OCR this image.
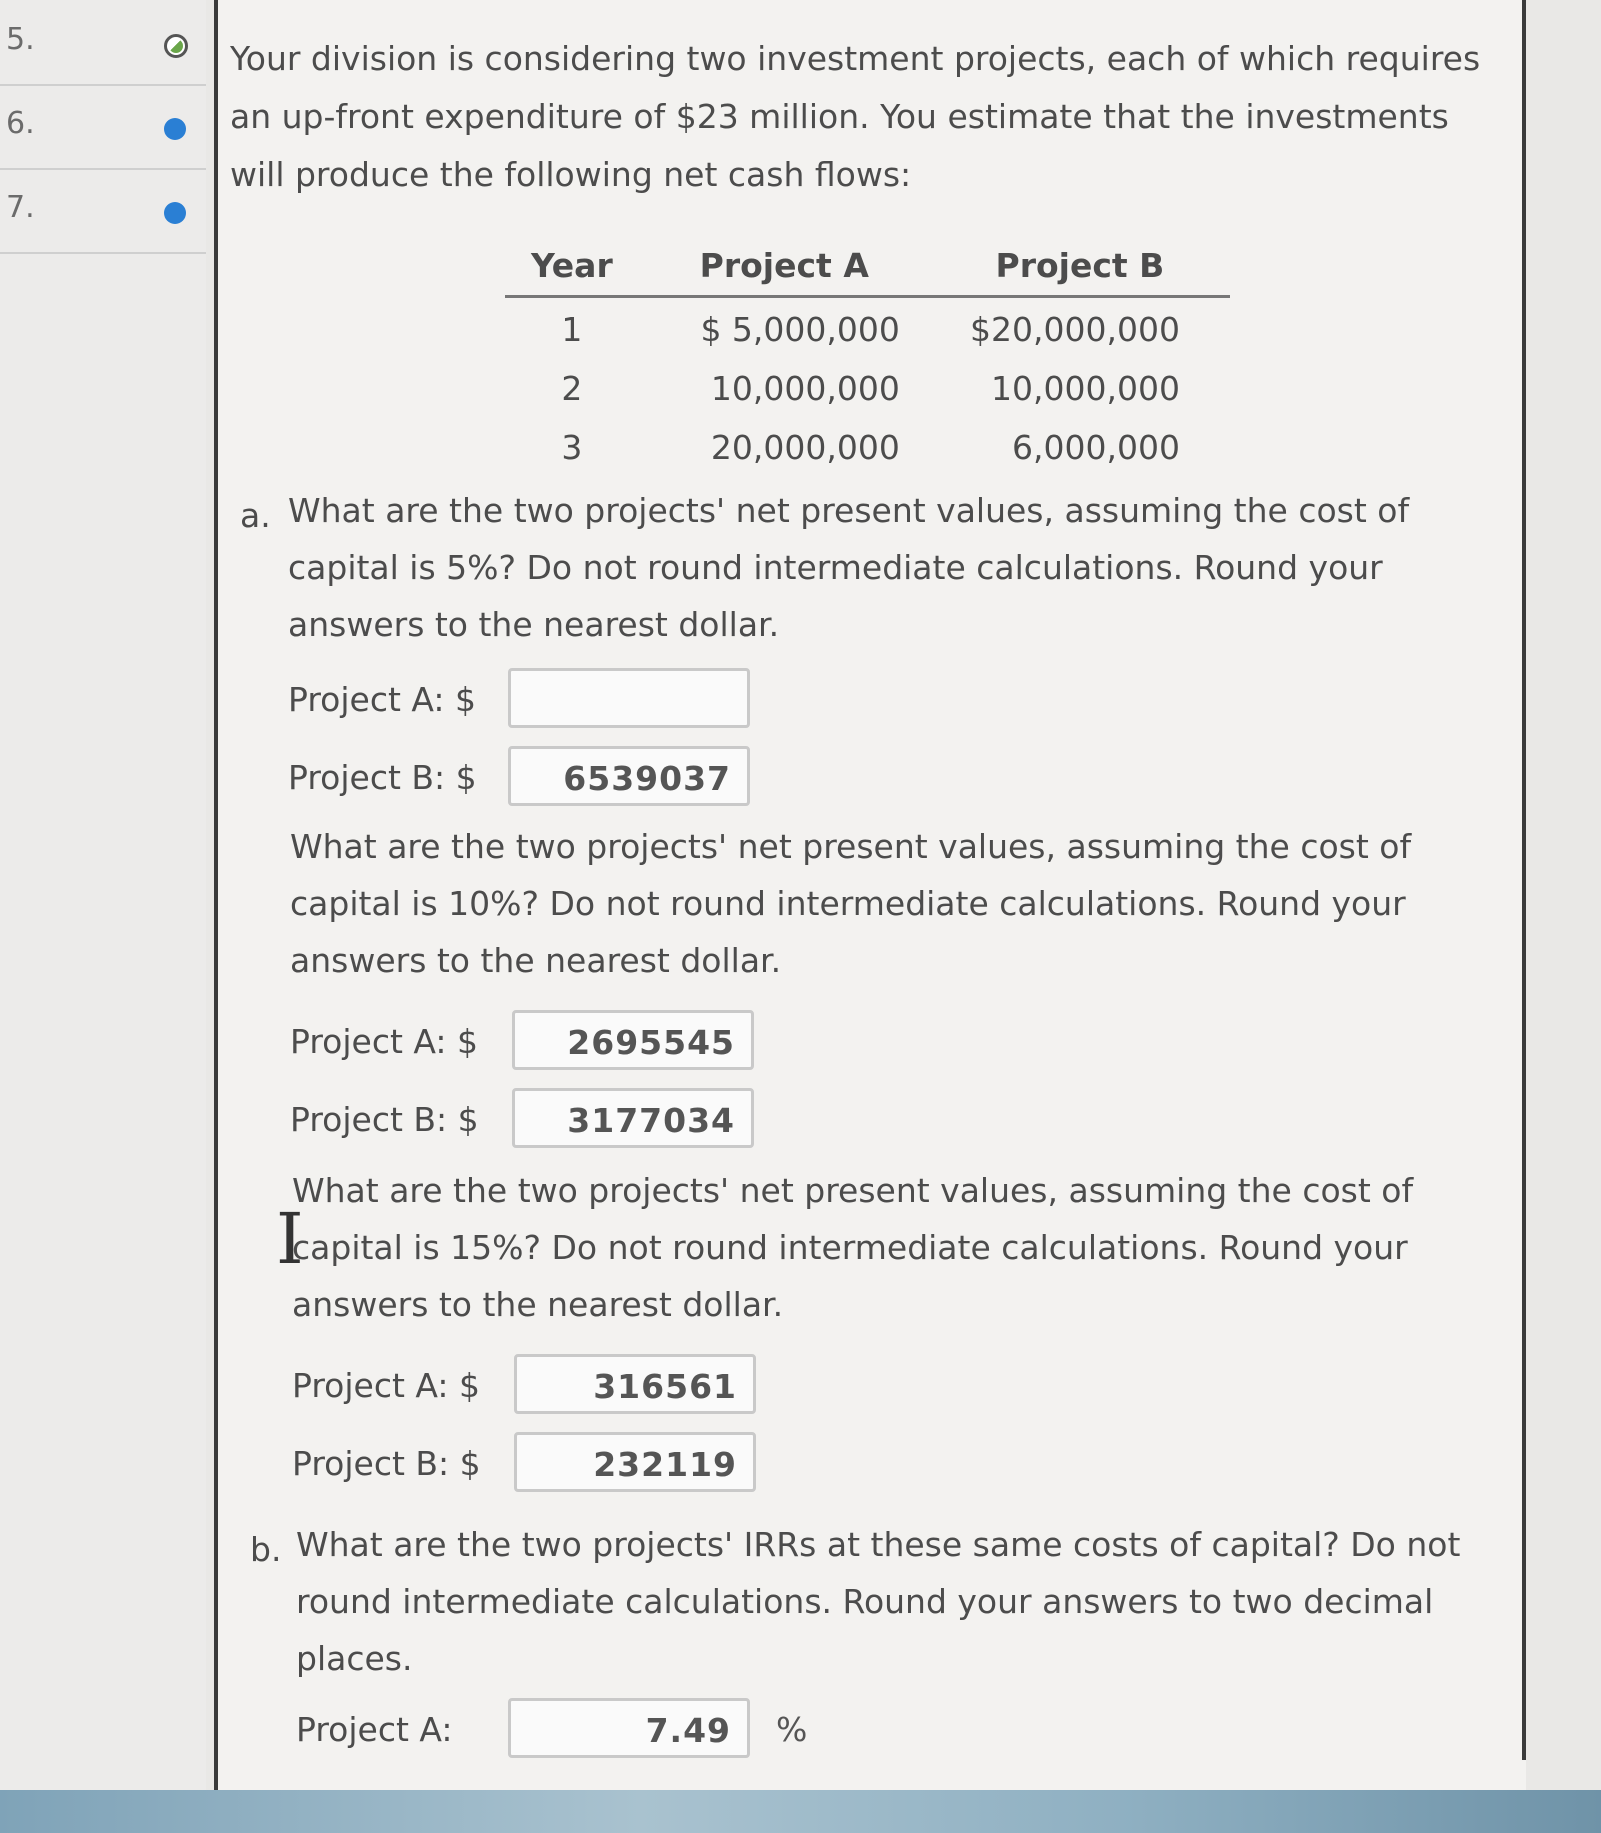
5.
6.
7.
Your division is considering two investment projects, each of which requires an up-front expenditure of $23 million. You estimate that the investments will produce the following net cash flows:
Year	Project A	Project B
1	$ 5,000,000	$20,000,000
2	10,000,000	10,000,000
3	20,000,000	6,000,000
a. What are the two projects' net present values, assuming the cost of capital is 5%? Do not round intermediate calculations. Round your answers to the nearest dollar.
Project A: $
Project B: $	6539037
What are the two projects' net present values, assuming the cost of capital is 10%? Do not round intermediate calculations. Round your answers to the nearest dollar.
Project A: $	2695545
Project B: $	3177034
What are the two projects' net present values, assuming the cost of capital is 15%? Do not round intermediate calculations. Round your answers to the nearest dollar.
I
Project A: $	316561
Project B: $	232119
b. What are the two projects' IRRs at these same costs of capital? Do not round intermediate calculations. Round your answers to two decimal places.
Project A:	7.49	%
